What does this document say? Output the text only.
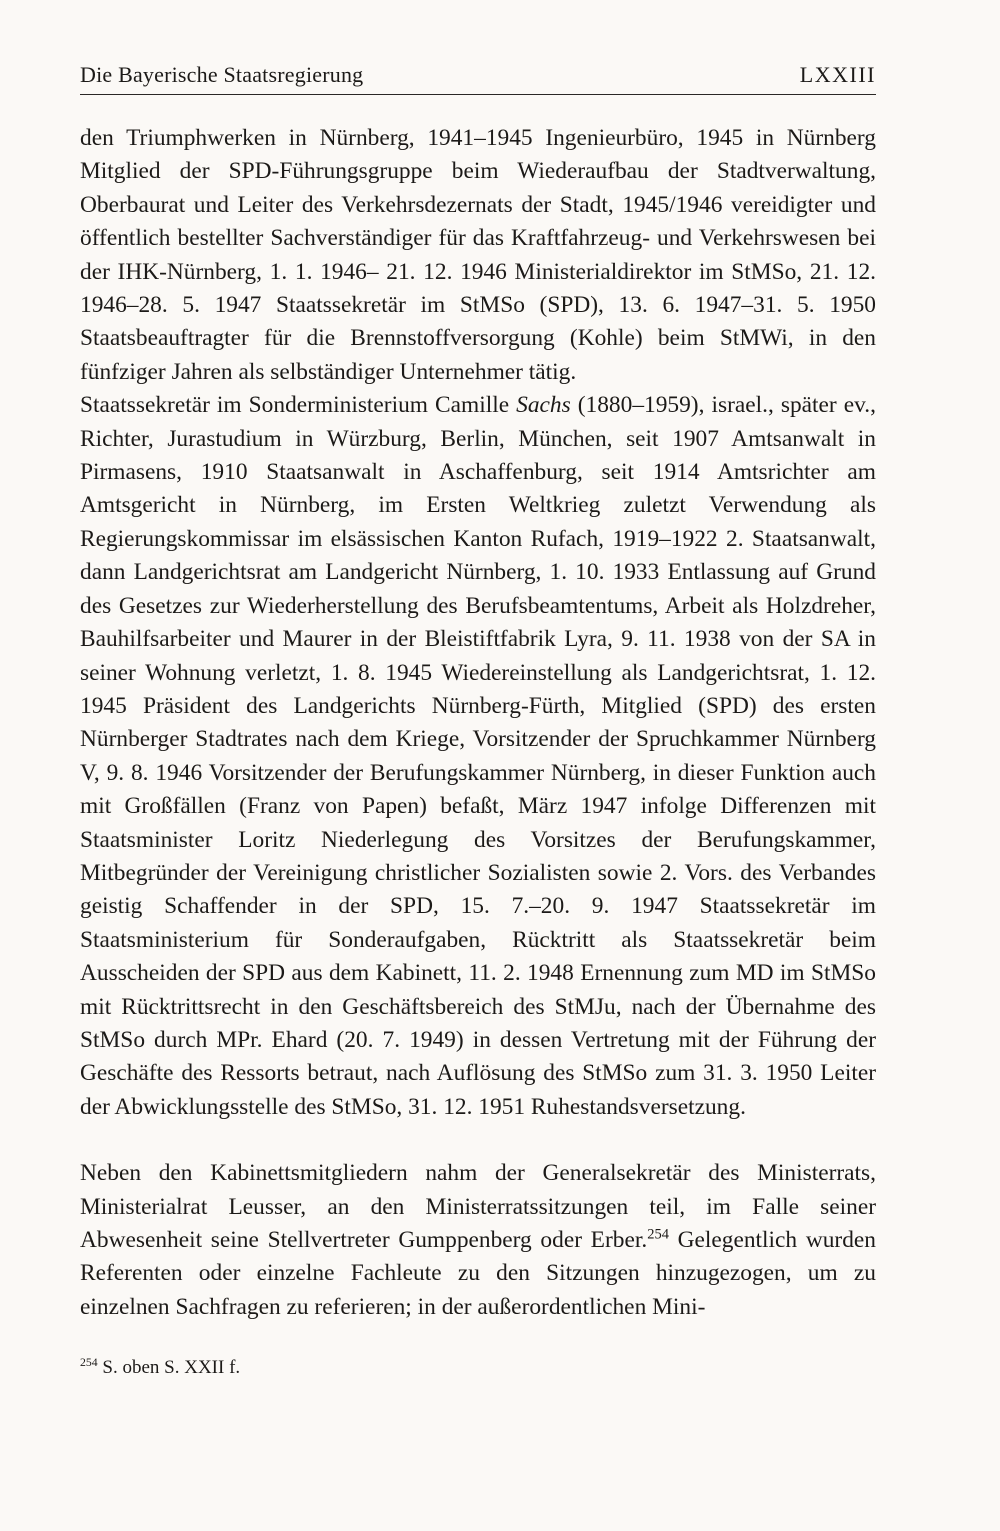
Die Bayerische Staatsregierung	LXXIII

den Triumphwerken in Nürnberg, 1941–1945 Ingenieurbüro, 1945 in Nürnberg Mitglied der SPD-Führungsgruppe beim Wiederaufbau der Stadtverwaltung, Oberbaurat und Leiter des Verkehrsdezernats der Stadt, 1945/1946 vereidigter und öffentlich bestellter Sachverständiger für das Kraftfahrzeug- und Verkehrswesen bei der IHK-Nürnberg, 1. 1. 1946– 21. 12. 1946 Ministerialdirektor im StMSo, 21. 12. 1946–28. 5. 1947 Staatssekretär im StMSo (SPD), 13. 6. 1947–31. 5. 1950 Staatsbeauftragter für die Brennstoffversorgung (Kohle) beim StMWi, in den fünfziger Jahren als selbständiger Unternehmer tätig.

Staatssekretär im Sonderministerium Camille Sachs (1880–1959), israel., später ev., Richter, Jurastudium in Würzburg, Berlin, München, seit 1907 Amtsanwalt in Pirmasens, 1910 Staatsanwalt in Aschaffenburg, seit 1914 Amtsrichter am Amtsgericht in Nürnberg, im Ersten Weltkrieg zuletzt Verwendung als Regierungskommissar im elsässischen Kanton Rufach, 1919–1922 2. Staatsanwalt, dann Landgerichtsrat am Landgericht Nürnberg, 1. 10. 1933 Entlassung auf Grund des Gesetzes zur Wiederherstellung des Berufsbeamtentums, Arbeit als Holzdreher, Bauhilfsarbeiter und Maurer in der Bleistiftfabrik Lyra, 9. 11. 1938 von der SA in seiner Wohnung verletzt, 1. 8. 1945 Wiedereinstellung als Landgerichtsrat, 1. 12. 1945 Präsident des Landgerichts Nürnberg-Fürth, Mitglied (SPD) des ersten Nürnberger Stadtrates nach dem Kriege, Vorsitzender der Spruchkammer Nürnberg V, 9. 8. 1946 Vorsitzender der Berufungskammer Nürnberg, in dieser Funktion auch mit Großfällen (Franz von Papen) befaßt, März 1947 infolge Differenzen mit Staatsminister Loritz Niederlegung des Vorsitzes der Berufungskammer, Mitbegründer der Vereinigung christlicher Sozialisten sowie 2. Vors. des Verbandes geistig Schaffender in der SPD, 15. 7.–20. 9. 1947 Staatssekretär im Staatsministerium für Sonderaufgaben, Rücktritt als Staatssekretär beim Ausscheiden der SPD aus dem Kabinett, 11. 2. 1948 Ernennung zum MD im StMSo mit Rücktrittsrecht in den Geschäftsbereich des StMJu, nach der Übernahme des StMSo durch MPr. Ehard (20. 7. 1949) in dessen Vertretung mit der Führung der Geschäfte des Ressorts betraut, nach Auflösung des StMSo zum 31. 3. 1950 Leiter der Abwicklungsstelle des StMSo, 31. 12. 1951 Ruhestandsversetzung.

Neben den Kabinettsmitgliedern nahm der Generalsekretär des Ministerrats, Ministerialrat Leusser, an den Ministerratssitzungen teil, im Falle seiner Abwesenheit seine Stellvertreter Gumppenberg oder Erber.$^{254}$ Gelegentlich wurden Referenten oder einzelne Fachleute zu den Sitzungen hinzugezogen, um zu einzelnen Sachfragen zu referieren; in der außerordentlichen Mini-

$^{254}$ S. oben S. XXII f.
